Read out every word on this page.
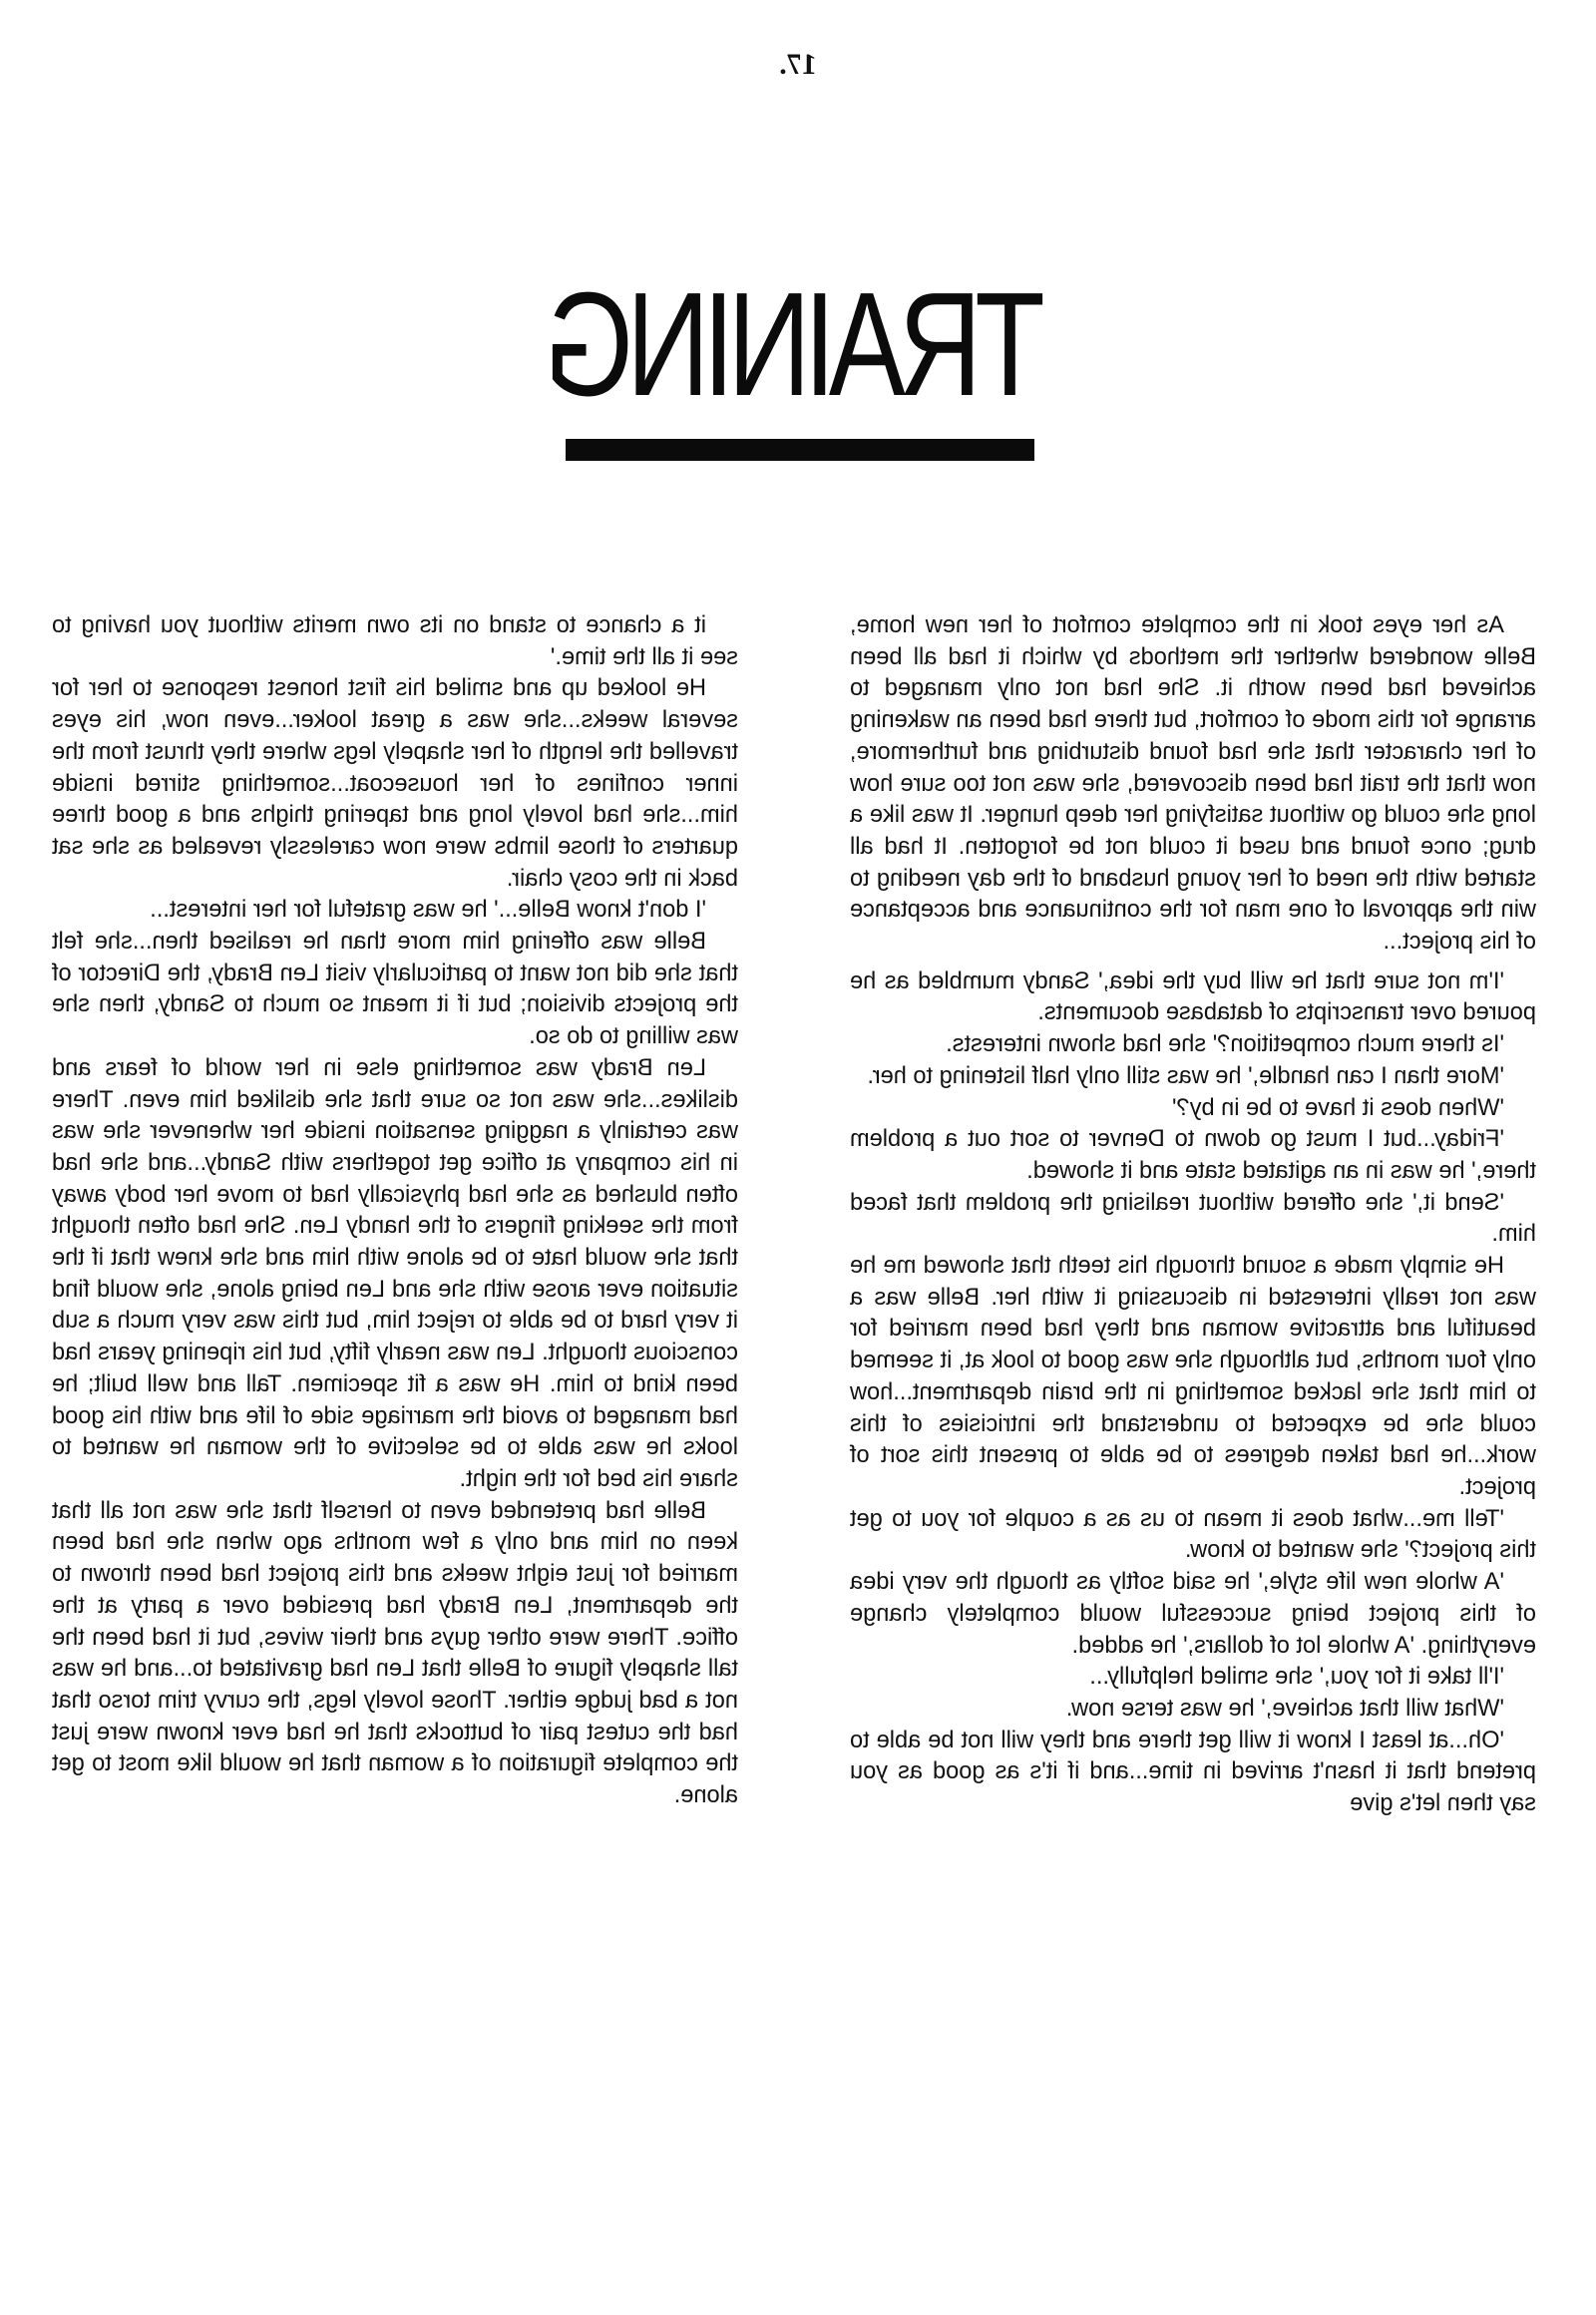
17.
TRAINING

As her eyes took in the complete comfort of her new home, Belle wondered whether the methods by which it had all been achieved had been worth it. She had not only managed to arrange for this mode of comfort, but there had been an wakening of her character that she had found disturbing and furthermore, now that the trait had been discovered, she was not too sure how long she could go without satisfying her deep hunger. It was like a drug; once found and used it could not be forgotten. It had all started with the need of her young husband of the day needing to win the approval of one man for the continuance and acceptance of his project...

'I'm not sure that he will buy the idea,' Sandy mumbled as he poured over transcripts of database documents.

'Is there much competition?' she had shown interests.

'More than I can handle,' he was still only half listening to her.

'When does it have to be in by?'

'Friday...but I must go down to Denver to sort out a problem there,' he was in an agitated state and it showed.

'Send it,' she offered without realising the problem that faced him.

He simply made a sound through his teeth that showed me he was not really interested in discussing it with her. Belle was a beautiful and attractive woman and they had been married for only four months, but although she was good to look at, it seemed to him that she lacked something in the brain department...how could she be expected to understand the intricisies of this work...he had taken degrees to be able to present this sort of project.

'Tell me...what does it mean to us as a couple for you to get this project?' she wanted to know.

'A whole new life style,' he said softly as though the very idea of this project being successful would completely change everything. 'A whole lot of dollars,' he added.

'I'll take it for you,' she smiled helpfully...

'What will that achieve,' he was terse now.

'Oh...at least I know it will get there and they will not be able to pretend that it hasn't arrived in time...and if it's as good as you say then let's give

it a chance to stand on its own merits without you having to see it all the time.'

He looked up and smiled his first honest response to her for several weeks...she was a great looker...even now, his eyes travelled the length of her shapely legs where they thrust from the inner confines of her housecoat...something stirred inside him...she had lovely long and tapering thighs and a good three quarters of those limbs were now carelessly revealed as she sat back in the cosy chair.

'I don't know Belle...' he was grateful for her interest...

Belle was offering him more than he realised then...she felt that she did not want to particularly visit Len Brady, the Director of the projects division; but if it meant so much to Sandy, then she was willing to do so.

Len Brady was something else in her world of fears and dislikes...she was not so sure that she disliked him even. There was certainly a nagging sensation inside her whenever she was in his company at office get togethers with Sandy...and she had often blushed as she had physically had to move her body away from the seeking fingers of the handy Len. She had often thought that she would hate to be alone with him and she knew that if the situation ever arose with she and Len being alone, she would find it very hard to be able to reject him, but this was very much a sub conscious thought. Len was nearly fifty, but his ripening years had been kind to him. He was a fit specimen. Tall and well built; he had managed to avoid the marriage side of life and with his good looks he was able to be selective of the woman he wanted to share his bed for the night.

Belle had pretended even to herself that she was not all that keen on him and only a few months ago when she had been married for just eight weeks and this project had been thrown to the department, Len Brady had presided over a party at the office. There were other guys and their wives, but it had been the tall shapely figure of Belle that Len had gravitated to...and he was not a bad judge either. Those lovely legs, the curvy trim torso that had the cutest pair of buttocks that he had ever known were just the complete figuration of a woman that he would like most to get alone.
